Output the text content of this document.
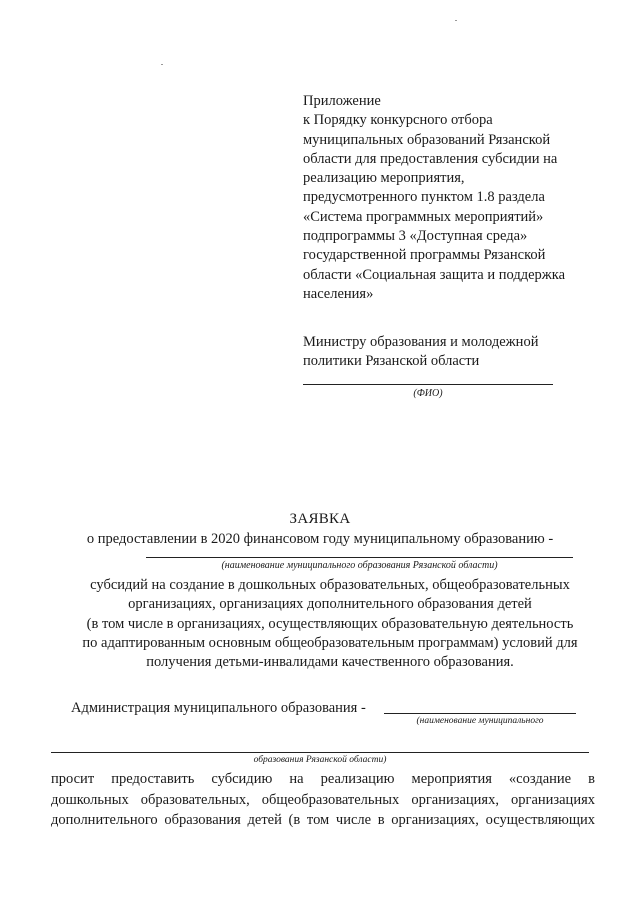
Приложение
к Порядку конкурсного отбора
муниципальных образований Рязанской
области для предоставления субсидии на
реализацию мероприятия,
предусмотренного пунктом 1.8 раздела
«Система программных мероприятий»
подпрограммы 3 «Доступная среда»
государственной программы Рязанской
области «Социальная защита и поддержка
населения»
Министру образования и молодежной
политики Рязанской области
(ФИО)
ЗАЯВКА
о предоставлении в 2020 финансовом году муниципальному образованию -
(наименование муниципального образования Рязанской области)
субсидий на создание в дошкольных образовательных, общеобразовательных
организациях, организациях дополнительного образования детей
(в том числе в организациях, осуществляющих образовательную деятельность
по адаптированным основным общеобразовательным программам) условий для
получения детьми-инвалидами качественного образования.
Администрация муниципального образования -
(наименование муниципального
образования Рязанской области)
просит предоставить субсидию на реализацию мероприятия «создание в
дошкольных образовательных, общеобразовательных организациях, организациях
дополнительного образования детей (в том числе в организациях, осуществляющих
